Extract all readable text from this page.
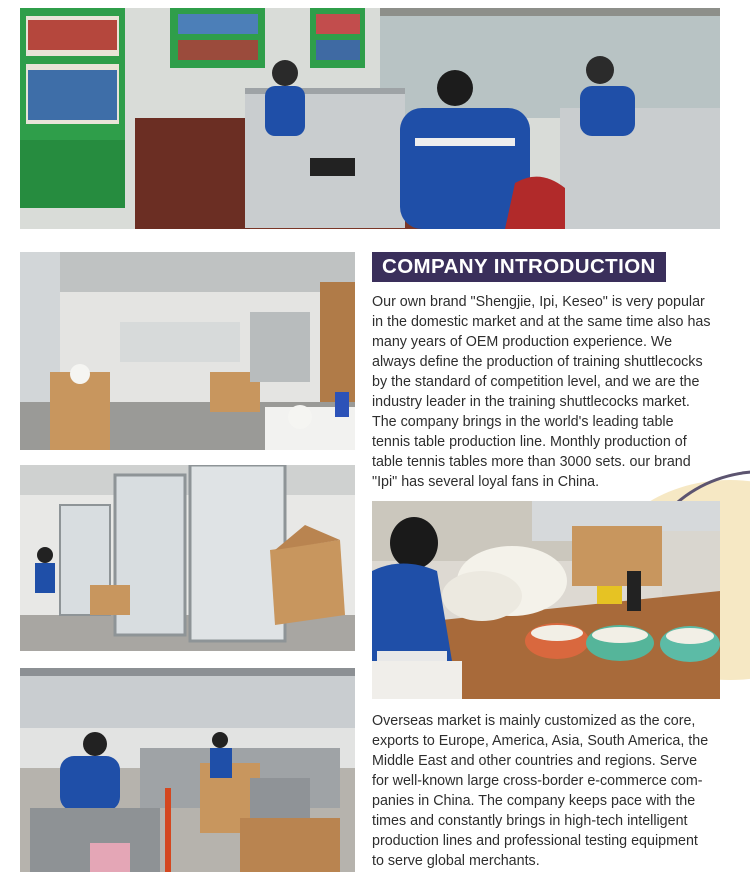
COMPANY INTRODUCTION

Our own brand "Shengjie, Ipi, Keseo" is very popular

in the domestic market and at the same time also has

many years of OEM production experience. We

always define the production of training shuttlecocks

by the standard of competition level, and we are the

industry leader in the training shuttlecocks market.

The company brings in the world's leading table

tennis table production line. Monthly production of

table tennis tables more than 3000 sets. our brand

"Ipi" has several loyal fans in China.

Overseas market is mainly customized as the core,

exports to Europe, America, Asia, South America, the

Middle East and other countries and regions. Serve

for well-known large cross-border e-commerce com-

panies in China. The company keeps pace with the

times and constantly brings in high-tech intelligent

production lines and professional testing equipment

to serve global merchants.
